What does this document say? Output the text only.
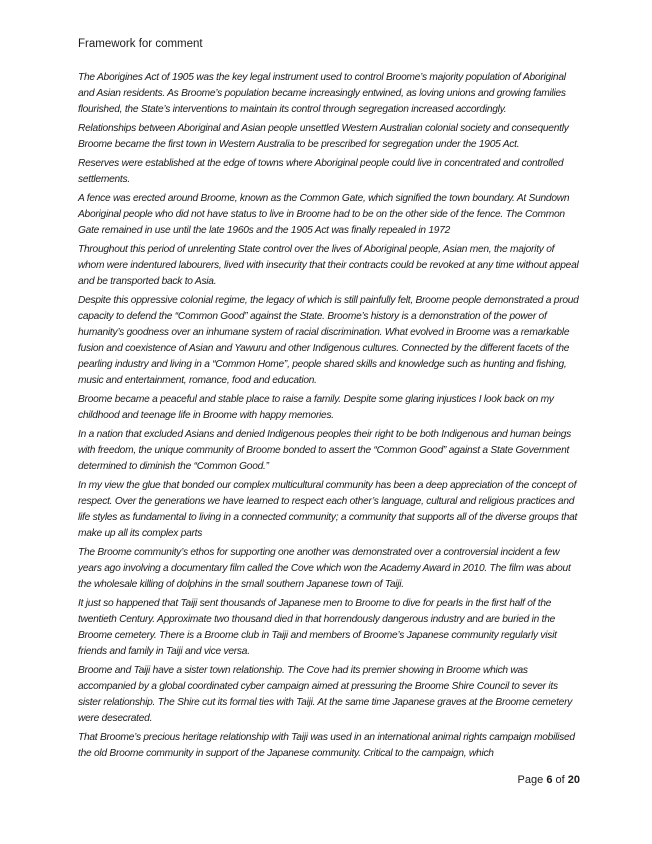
Framework for comment

The Aborigines Act of 1905 was the key legal instrument used to control Broome’s majority population of Aboriginal and Asian residents. As Broome’s population became increasingly entwined, as loving unions and growing families flourished, the State’s interventions to maintain its control through segregation increased accordingly.

Relationships between Aboriginal and Asian people unsettled Western Australian colonial society and consequently Broome became the first town in Western Australia to be prescribed for segregation under the 1905 Act.

Reserves were established at the edge of towns where Aboriginal people could live in concentrated and controlled settlements.

A fence was erected around Broome, known as the Common Gate, which signified the town boundary. At Sundown Aboriginal people who did not have status to live in Broome had to be on the other side of the fence. The Common Gate remained in use until the late 1960s and the 1905 Act was finally repealed in 1972

Throughout this period of unrelenting State control over the lives of Aboriginal people, Asian men, the majority of whom were indentured labourers, lived with insecurity that their contracts could be revoked at any time without appeal and be transported back to Asia.

Despite this oppressive colonial regime, the legacy of which is still painfully felt, Broome people demonstrated a proud capacity to defend the “Common Good” against the State. Broome’s history is a demonstration of the power of humanity’s goodness over an inhumane system of racial discrimination. What evolved in Broome was a remarkable fusion and coexistence of Asian and Yawuru and other Indigenous cultures. Connected by the different facets of the pearling industry and living in a “Common Home”, people shared skills and knowledge such as hunting and fishing, music and entertainment, romance, food and education.

Broome became a peaceful and stable place to raise a family. Despite some glaring injustices I look back on my childhood and teenage life in Broome with happy memories.

In a nation that excluded Asians and denied Indigenous peoples their right to be both Indigenous and human beings with freedom, the unique community of Broome bonded to assert the “Common Good” against a State Government determined to diminish the “Common Good.”

In my view the glue that bonded our complex multicultural community has been a deep appreciation of the concept of respect. Over the generations we have learned to respect each other’s language, cultural and religious practices and life styles as fundamental to living in a connected community; a community that supports all of the diverse groups that make up all its complex parts

The Broome community’s ethos for supporting one another was demonstrated over a controversial incident a few years ago involving a documentary film called the Cove which won the Academy Award in 2010. The film was about the wholesale killing of dolphins in the small southern Japanese town of Taiji.

It just so happened that Taiji sent thousands of Japanese men to Broome to dive for pearls in the first half of the twentieth Century. Approximate two thousand died in that horrendously dangerous industry and are buried in the Broome cemetery. There is a Broome club in Taiji and members of Broome’s Japanese community regularly visit friends and family in Taiji and vice versa.

Broome and Taiji have a sister town relationship. The Cove had its premier showing in Broome which was accompanied by a global coordinated cyber campaign aimed at pressuring the Broome Shire Council to sever its sister relationship. The Shire cut its formal ties with Taiji. At the same time Japanese graves at the Broome cemetery were desecrated.

That Broome’s precious heritage relationship with Taiji was used in an international animal rights campaign mobilised the old Broome community in support of the Japanese community. Critical to the campaign, which

Page 6 of 20
